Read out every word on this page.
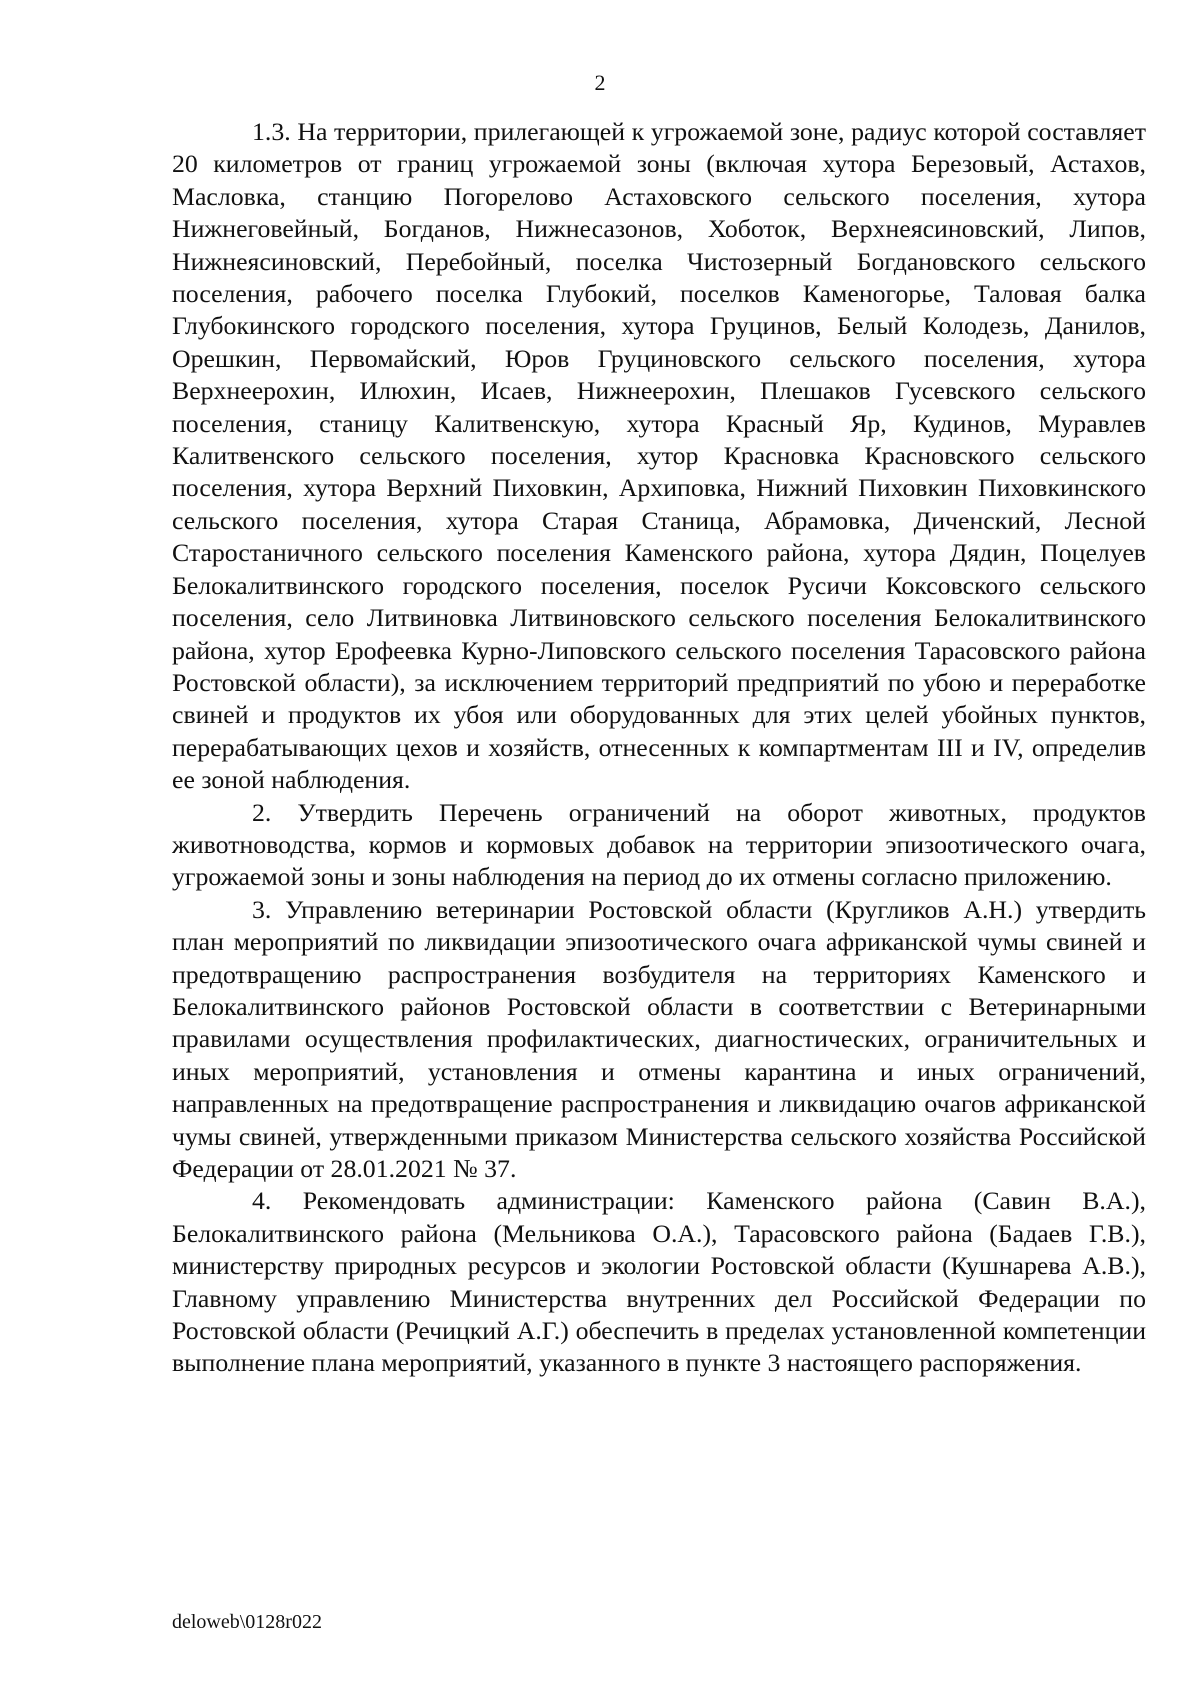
2

1.3. На территории, прилегающей к угрожаемой зоне, радиус которой составляет 20 километров от границ угрожаемой зоны (включая хутора Березовый, Астахов, Масловка, станцию Погорелово Астаховского сельского поселения, хутора Нижнеговейный, Богданов, Нижнесазонов, Хоботок, Верхнеясиновский, Липов, Нижнеясиновский, Перебойный, поселка Чистозерный Богдановского сельского поселения, рабочего поселка Глубокий, поселков Каменогорье, Таловая балка Глубокинского городского поселения, хутора Груцинов, Белый Колодезь, Данилов, Орешкин, Первомайский, Юров Груциновского сельского поселения, хутора Верхнеерохин, Илюхин, Исаев, Нижнеерохин, Плешаков Гусевского сельского поселения, станицу Калитвенскую, хутора Красный Яр, Кудинов, Муравлев Калитвенского сельского поселения, хутор Красновка Красновского сельского поселения, хутора Верхний Пиховкин, Архиповка, Нижний Пиховкин Пиховкинского сельского поселения, хутора Старая Станица, Абрамовка, Диченский, Лесной Старостаничного сельского поселения Каменского района, хутора Дядин, Поцелуев Белокалитвинского городского поселения, поселок Русичи Коксовского сельского поселения, село Литвиновка Литвиновского сельского поселения Белокалитвинского района, хутор Ерофеевка Курно-Липовского сельского поселения Тарасовского района Ростовской области), за исключением территорий предприятий по убою и переработке свиней и продуктов их убоя или оборудованных для этих целей убойных пунктов, перерабатывающих цехов и хозяйств, отнесенных к компартментам III и IV, определив ее зоной наблюдения.

2. Утвердить Перечень ограничений на оборот животных, продуктов животноводства, кормов и кормовых добавок на территории эпизоотического очага, угрожаемой зоны и зоны наблюдения на период до их отмены согласно приложению.

3. Управлению ветеринарии Ростовской области (Кругликов А.Н.) утвердить план мероприятий по ликвидации эпизоотического очага африканской чумы свиней и предотвращению распространения возбудителя на территориях Каменского и Белокалитвинского районов Ростовской области в соответствии с Ветеринарными правилами осуществления профилактических, диагностических, ограничительных и иных мероприятий, установления и отмены карантина и иных ограничений, направленных на предотвращение распространения и ликвидацию очагов африканской чумы свиней, утвержденными приказом Министерства сельского хозяйства Российской Федерации от 28.01.2021 № 37.

4. Рекомендовать администрации: Каменского района (Савин В.А.), Белокалитвинского района (Мельникова О.А.), Тарасовского района (Бадаев Г.В.), министерству природных ресурсов и экологии Ростовской области (Кушнарева А.В.), Главному управлению Министерства внутренних дел Российской Федерации по Ростовской области (Речицкий А.Г.) обеспечить в пределах установленной компетенции выполнение плана мероприятий, указанного в пункте 3 настоящего распоряжения.

deloweb\0128r022
